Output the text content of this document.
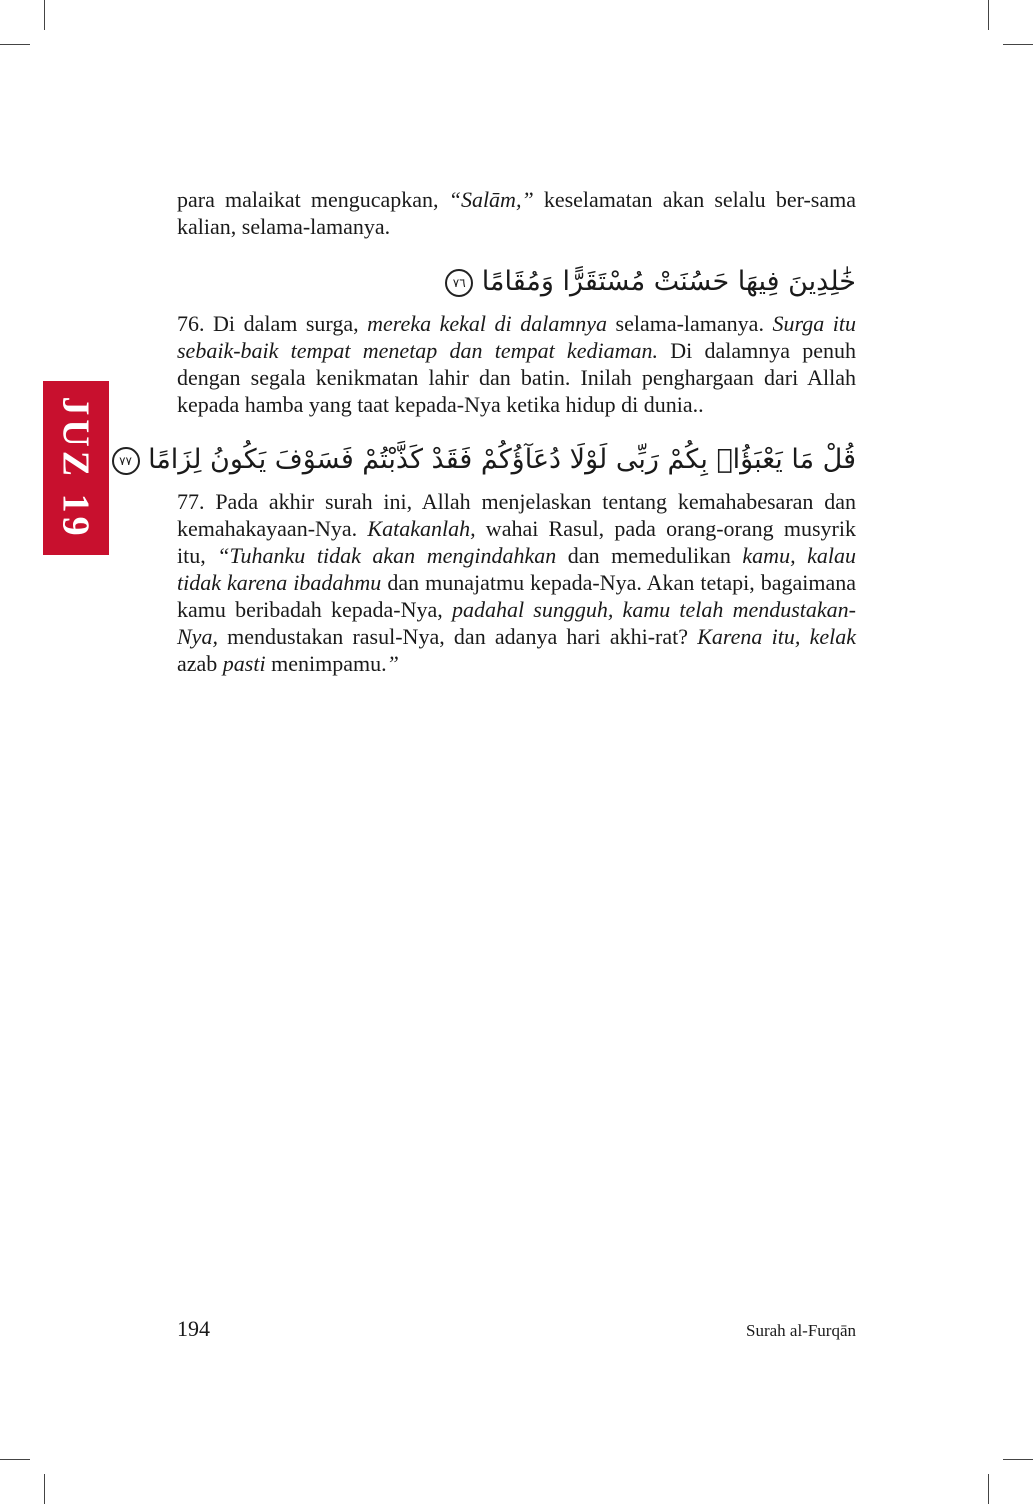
JUZ 19

para malaikat mengucapkan, “Salām,” keselamatan akan selalu ber-sama kalian, selama-lamanya.

خَٰلِدِينَ فِيهَا حَسُنَتْ مُسْتَقَرًّا وَمُقَامًا ٧٦

76. Di dalam surga, mereka kekal di dalamnya selama-lamanya. Surga itu sebaik-baik tempat menetap dan tempat kediaman. Di dalamnya penuh dengan segala kenikmatan lahir dan batin. Inilah penghargaan dari Allah kepada hamba yang taat kepada-Nya ketika hidup di dunia..

قُلْ مَا يَعْبَؤُا۟ بِكُمْ رَبِّى لَوْلَا دُعَآؤُكُمْ فَقَدْ كَذَّبْتُمْ فَسَوْفَ يَكُونُ لِزَامًا ٧٧

77. Pada akhir surah ini, Allah menjelaskan tentang kemahabesaran dan kemahakayaan-Nya. Katakanlah, wahai Rasul, pada orang-orang musyrik itu, “Tuhanku tidak akan mengindahkan dan memedulikan kamu, kalau tidak karena ibadahmu dan munajatmu kepada-Nya. Akan tetapi, bagaimana kamu beribadah kepada-Nya, padahal sungguh, kamu telah mendustakan-Nya, mendustakan rasul-Nya, dan adanya hari akhi-rat? Karena itu, kelak azab pasti menimpamu.”

194	Surah al-Furqān
